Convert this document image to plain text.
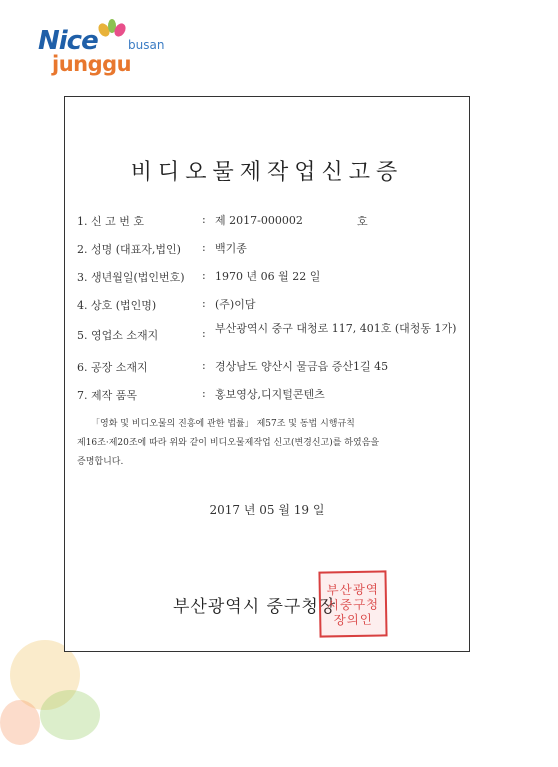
Nice	busan
junggu
비디오물제작업신고증
1. 신 고 번 호	: 제 2017-000002	호
2. 성명 (대표자,법인)	: 백기종
3. 생년월일(법인번호)	: 1970 년 06 월 22 일
4. 상호 (법인명)	: (주)이담
5. 영업소 소재지	: 부산광역시 중구 대청로 117, 401호 (대청동 1가)
6. 공장 소재지	: 경상남도 양산시 물금읍 증산1길 45
7. 제작 품목	: 홍보영상,디지털콘텐츠

「영화 및 비디오물의 진흥에 관한 법률」 제57조 및 동법 시행규칙

제16조·제20조에 따라 위와 같이 비디오물제작업 신고(변경신고)를 하였음을

증명합니다.

2017 년 05 월 19 일
부산광역시 중구청장
부산광역
시중구청
장의인
